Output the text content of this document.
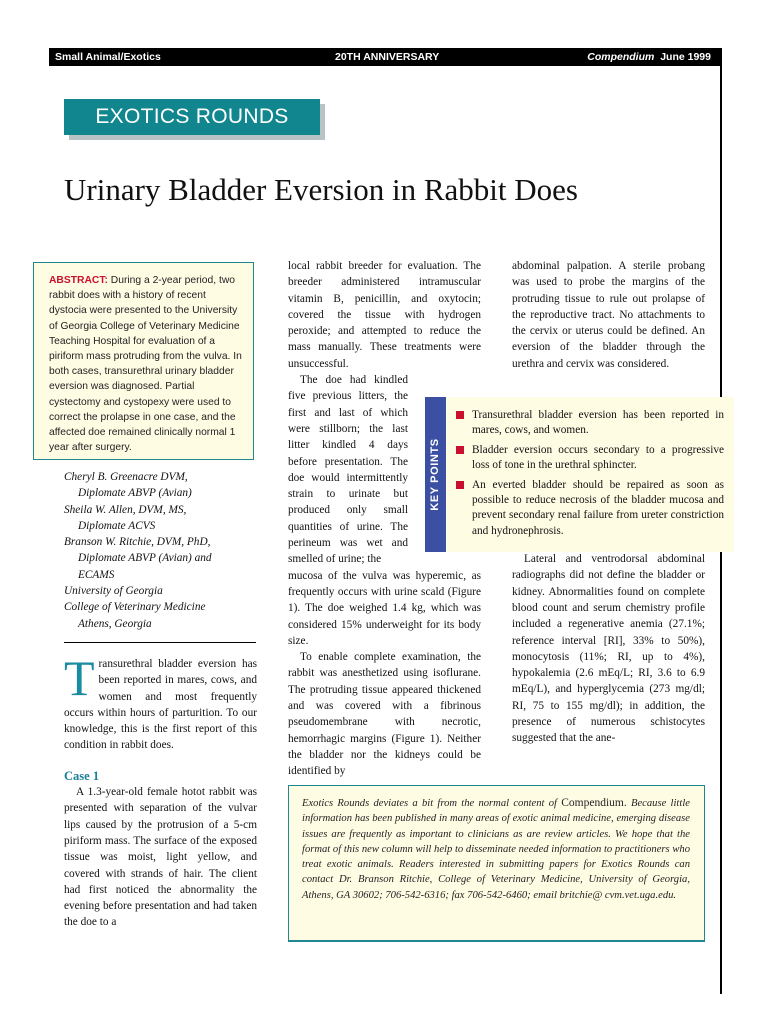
Small Animal/Exotics	20TH ANNIVERSARY	Compendium June 1999
EXOTICS ROUNDS
Urinary Bladder Eversion in Rabbit Does
ABSTRACT: During a 2-year period, two rabbit does with a history of recent dystocia were presented to the University of Georgia College of Veterinary Medicine Teaching Hospital for evaluation of a piriform mass protruding from the vulva. In both cases, transurethral urinary bladder eversion was diagnosed. Partial cystectomy and cystopexy were used to correct the prolapse in one case, and the affected doe remained clinically normal 1 year after surgery.
Cheryl B. Greenacre DVM,
Diplomate ABVP (Avian)
Sheila W. Allen, DVM, MS,
Diplomate ACVS
Branson W. Ritchie, DVM, PhD,
Diplomate ABVP (Avian) and
ECAMS
University of Georgia
College of Veterinary Medicine
Athens, Georgia

Transurethral bladder eversion has been reported in mares, cows, and women and most frequently occurs within hours of parturition. To our knowledge, this is the first report of this condition in rabbit does.

Case 1

A 1.3-year-old female hotot rabbit was presented with separation of the vulvar lips caused by the protrusion of a 5-cm piriform mass. The surface of the exposed tissue was moist, light yellow, and covered with strands of hair. The client had first noticed the abnormality the evening before presentation and had taken the doe to a

local rabbit breeder for evaluation. The breeder administered intramuscular vitamin B, penicillin, and oxytocin; covered the tissue with hydrogen peroxide; and attempted to reduce the mass manually. These treatments were unsuccessful.

The doe had kindled five previous litters, the first and last of which were stillborn; the last litter kindled 4 days before presentation. The doe would intermittently strain to urinate but produced only small quantities of urine. The perineum was wet and smelled of urine; the

mucosa of the vulva was hyperemic, as frequently occurs with urine scald (Figure 1). The doe weighed 1.4 kg, which was considered 15% underweight for its body size.

To enable complete examination, the rabbit was anesthetized using isoflurane. The protruding tissue appeared thickened and was covered with a fibrinous pseudomembrane with necrotic, hemorrhagic margins (Figure 1). Neither the bladder nor the kidneys could be identified by

abdominal palpation. A sterile probang was used to probe the margins of the protruding tissue to rule out prolapse of the reproductive tract. No attachments to the cervix or uterus could be defined. An eversion of the bladder through the urethra and cervix was considered.

Lateral and ventrodorsal abdominal radiographs did not define the bladder or kidney. Abnormalities found on complete blood count and serum chemistry profile included a regenerative anemia (27.1%; reference interval [RI], 33% to 50%), monocytosis (11%; RI, up to 4%), hypokalemia (2.6 mEq/L; RI, 3.6 to 6.9 mEq/L), and hyperglycemia (273 mg/dl; RI, 75 to 155 mg/dl); in addition, the presence of numerous schistocytes suggested that the ane-

KEY POINTS
Transurethral bladder eversion has been reported in mares, cows, and women.
Bladder eversion occurs secondary to a progressive loss of tone in the urethral sphincter.
An everted bladder should be repaired as soon as possible to reduce necrosis of the bladder mucosa and prevent secondary renal failure from ureter constriction and hydronephrosis.
Exotics Rounds deviates a bit from the normal content of Compendium. Because little information has been published in many areas of exotic animal medicine, emerging disease issues are frequently as important to clinicians as are review articles. We hope that the format of this new column will help to disseminate needed information to practitioners who treat exotic animals. Readers interested in submitting papers for Exotics Rounds can contact Dr. Branson Ritchie, College of Veterinary Medicine, University of Georgia, Athens, GA 30602; 706-542-6316; fax 706-542-6460; email britchie@ cvm.vet.uga.edu.
